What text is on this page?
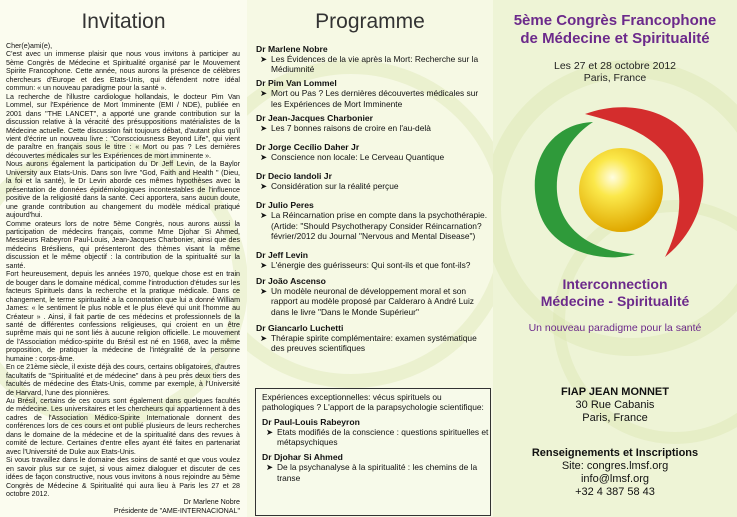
Invitation

Cher(e)ami(e),

C'est avec un immense plaisir que nous vous invitons à participer au 5ème Congrès de Médecine et Spiritualité organisé par le Mouvement Spirite Francophone. Cette année, nous aurons la présence de célèbres chercheurs d'Europe et des Etats-Unis, qui défendent notre idéal commun: « un nouveau paradigme pour la santé ».

La recherche de l'illustre cardiologue hollandais, le docteur Pim Van Lommel, sur l'Expérience de Mort Imminente (EMI / NDE), publiée en 2001 dans "THE LANCET", a apporté une grande contribution sur la discussion relative à la véracité des présuppositions matérialistes de la Médecine actuelle. Cette discussion fait toujours débat, d'autant plus qu'il vient d'écrire un nouveau livre : "Conscciousness Beyond Life", qui vient de paraître en français sous le titre : « Mort ou pas ? Les dernières découvertes médicales sur les Expériences de mort imminente ».

Nous aurons également la participation du Dr Jeff Levin, de la Baylor University aux Etats-Unis. Dans son livre "God, Faith and Health " (Dieu, la foi et la santé), le Dr Levin aborde ces mêmes hypothèses avec la présentation de données épidémiologiques incontestables de l'influence positive de la religiosité dans la santé. Ceci apportera, sans aucun doute, une grande contribution au changement du modèle médical pratiqué aujourd'hui.

Comme orateurs lors de notre 5ème Congrès, nous aurons aussi la participation de médecins français, comme Mme Djohar Si Ahmed, Messieurs Rabeyron Paul-Louis, Jean-Jacques Charbonier, ainsi que des médecins Brésiliens, qui présenteront des thèmes visant la même discussion et le même objectif : la contribution de la spiritualité sur la santé.

Fort heureusement, depuis les années 1970, quelque chose est en train de bouger dans le domaine médical, comme l'introduction d'études sur les facteurs Spirituels dans la recherche et la pratique médicale. Dans ce changement, le terme spiritualité a la connotation que lui a donné William James: « le sentiment le plus noble et le plus élevé qui unit l'homme au Créateur » . Ainsi, il fait partie de ces médecins et professionnels de la santé de différentes confessions religieuses, qui croient en un être suprême mais qui ne sont liés à aucune religion officielle. Le mouvement de l'Association médico-spirite du Brésil est né en 1968, avec la même proposition, de pratiquer la médecine de l'intégralité de la personne humaine : corps-âme.

En ce 21ème siècle, il existe déjà des cours, certains obligatoires, d'autres facultatifs de "Spiritualité et de médecine" dans à peu près deux tiers des facultés de médecine des États-Unis, comme par exemple, à l'Université de Harvard, l'une des pionnières.

Au Brésil, certains de ces cours sont également dans quelques facultés de médecine. Les universitaires et les chercheurs qui appartiennent à des cadres de l'Association Médico-Spirite Internationale donnent des conférences lors de ces cours et ont publié plusieurs de leurs recherches dans le domaine de la médecine et de la spiritualité dans des revues à comité de lecture. Certaines d'entre elles ayant été faites en partenariat avec l'Université de Duke aux Etats-Unis.

Si vous travaillez dans le domaine des soins de santé et que vous voulez en savoir plus sur ce sujet, si vous aimez dialoguer et discuter de ces idées de façon constructive, nous vous invitons à nous rejoindre au 5ème Congrès de Médecine & Spiritualité qui aura lieu à Paris les 27 et 28 octobre 2012.

Dr Marlene Nobre

Présidente de "AME-INTERNACIONAL"

Programme
Dr Marlene Nobre
➤ Les Évidences de la vie après la Mort: Recherche sur la Médiumnité
Dr Pim Van Lommel
➤ Mort ou Pas ? Les dernières découvertes médicales sur les Expériences de Mort Imminente
Dr Jean-Jacques Charbonier
➤ Les 7 bonnes raisons de croire en l'au-delà
Dr Jorge Cecílio Daher Jr
➤ Conscience non locale: Le Cerveau Quantique
Dr Decio Iandoli Jr
➤ Considération sur la réalité perçue
Dr Julio Peres
➤ La Réincarnation prise en compte dans la psychothérapie. (Artide: "Should Psychotherapy Consider Réincarnation? février/2012 du Journal "Nervous and Mental Disease")
Dr Jeff Levin
➤ L'énergie des guérisseurs: Qui sont-ils et que font-ils?
Dr João Ascenso
➤ Un modèle neuronal de développement moral et son rapport au modèle proposé par Calderaro à André Luiz dans le livre "Dans le Monde Supérieur"
Dr Giancarlo Luchetti
➤ Thérapie spirite complémentaire: examen systématique des preuves scientifiques
Expériences exceptionnelles: vécus spirituels ou pathologiques ? L'apport de la parapsychologie scientifique:
Dr Paul-Louis Rabeyron
➤ Etats modifiés de la conscience : questions spirituelles et métapsychiques
Dr Djohar Si Ahmed
➤ De la psychanalyse à la spiritualité : les chemins de la transe
5ème Congrès Francophone
de Médecine et Spiritualité
Les 27 et 28 octobre 2012
Paris, France
Interconnection
Médecine - Spiritualité
Un nouveau paradigme pour la santé
FIAP JEAN MONNET
30 Rue Cabanis
Paris, France
Renseignements et Inscriptions
Site: congres.lmsf.org
info@lmsf.org
+32 4 387 58 43
